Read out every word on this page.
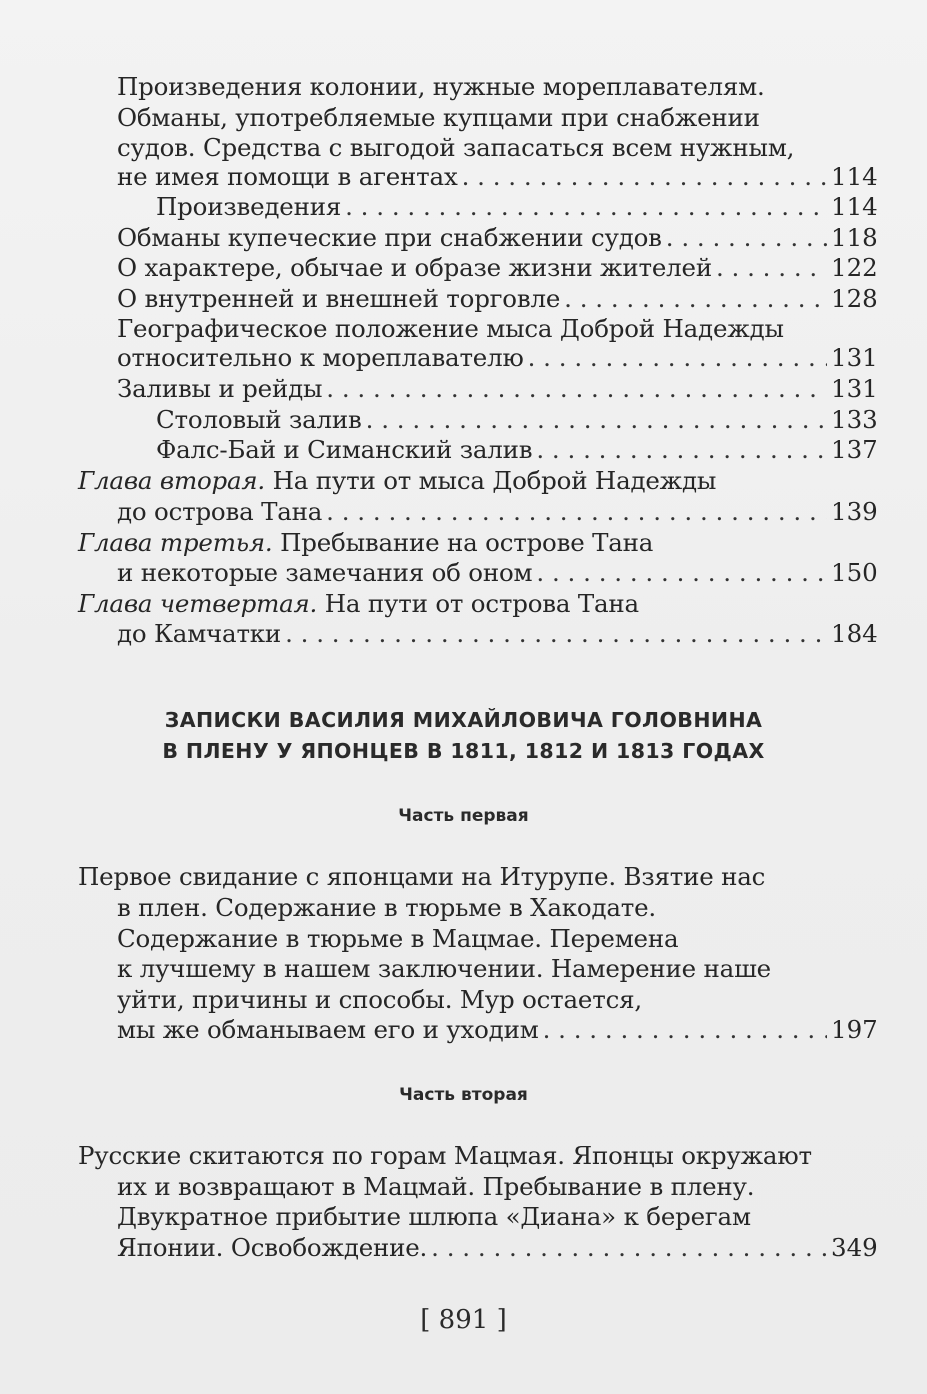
Произведения колонии, нужные мореплавателям.
Обманы, употребляемые купцами при снабжении
судов. Средства с выгодой запасаться всем нужным,
не имея помощи в агентах . . .	114
Произведения . . .	114
Обманы купеческие при снабжении судов . . .	118
О характере, обычае и образе жизни жителей . . .	122
О внутренней и внешней торговле . . .	128
Географическое положение мыса Доброй Надежды
относительно к мореплавателю . . .	131
Заливы и рейды . . .	131
Столовый залив . . .	133
Фалс-Бай и Симанский залив . . .	137
Глава вторая. На пути от мыса Доброй Надежды
до острова Тана . . .	139
Глава третья. Пребывание на острове Тана
и некоторые замечания об оном . . .	150
Глава четвертая. На пути от острова Тана
до Камчатки . . .	184
ЗАПИСКИ ВАСИЛИЯ МИХАЙЛОВИЧА ГОЛОВНИНА
В ПЛЕНУ У ЯПОНЦЕВ В 1811, 1812 И 1813 ГОДАХ
Часть первая
Первое свидание с японцами на Итурупе. Взятие нас
в плен. Содержание в тюрьме в Хакодате.
Содержание в тюрьме в Мацмае. Перемена
к лучшему в нашем заключении. Намерение наше
уйти, причины и способы. Мур остается,
мы же обманываем его и уходим . . .	197
Часть вторая
Русские скитаются по горам Мацмая. Японцы окружают
их и возвращают в Мацмай. Пребывание в плену.
Двукратное прибытие шлюпа «Диана» к берегам
Японии. Освобождение. . . .	349
[ 891 ]
